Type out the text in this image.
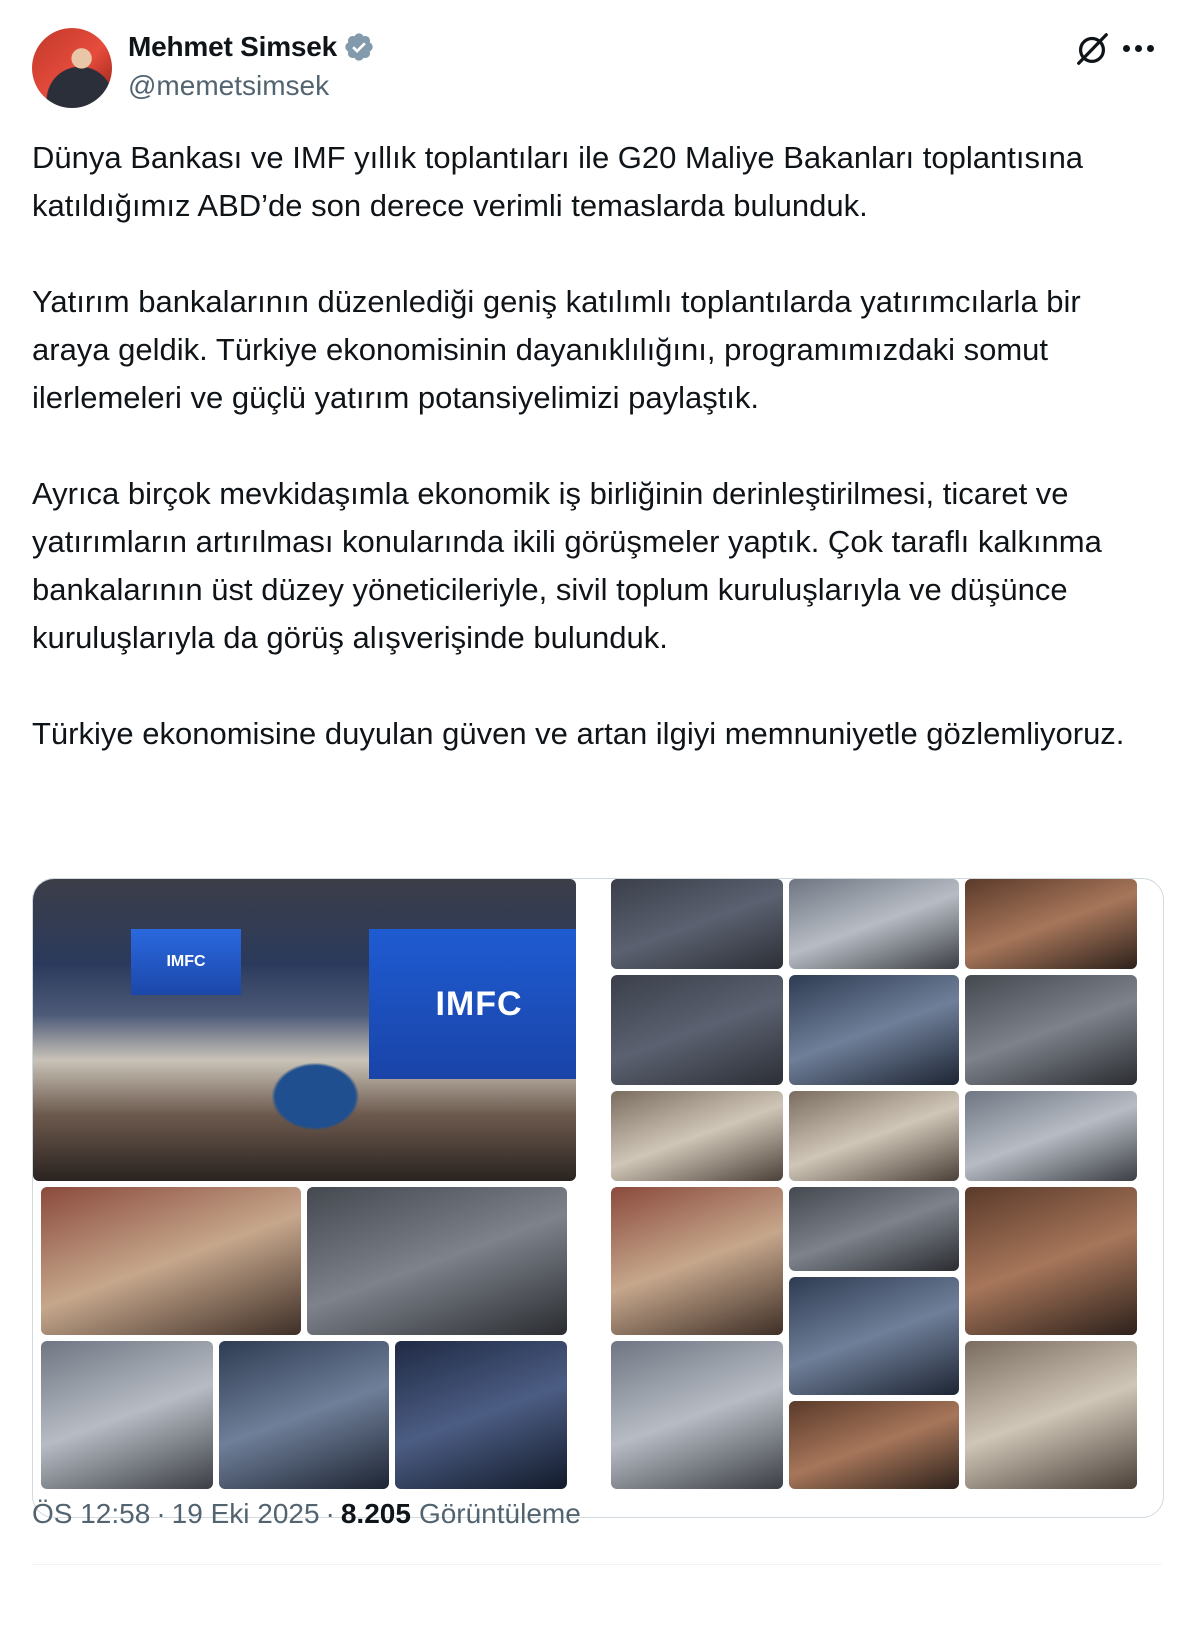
Mehmet Simsek
@memetsimsek

Dünya Bankası ve IMF yıllık toplantıları ile G20 Maliye Bakanları toplantısına katıldığımız ABD’de son derece verimli temaslarda bulunduk.

Yatırım bankalarının düzenlediği geniş katılımlı toplantılarda yatırımcılarla bir araya geldik. Türkiye ekonomisinin dayanıklılığını, programımızdaki somut ilerlemeleri ve güçlü yatırım potansiyelimizi paylaştık.

Ayrıca birçok mevkidaşımla ekonomik iş birliğinin derinleştirilmesi, ticaret ve yatırımların artırılması konularında ikili görüşmeler yaptık. Çok taraflı kalkınma bankalarının üst düzey yöneticileriyle, sivil toplum kuruluşlarıyla ve düşünce kuruluşlarıyla da görüş alışverişinde bulunduk.

Türkiye ekonomisine duyulan güven ve artan ilgiyi memnuniyetle gözlemliyoruz.

IMFC
IMFC
ÖS 12:58 · 19 Eki 2025 · 8.205 Görüntüleme
